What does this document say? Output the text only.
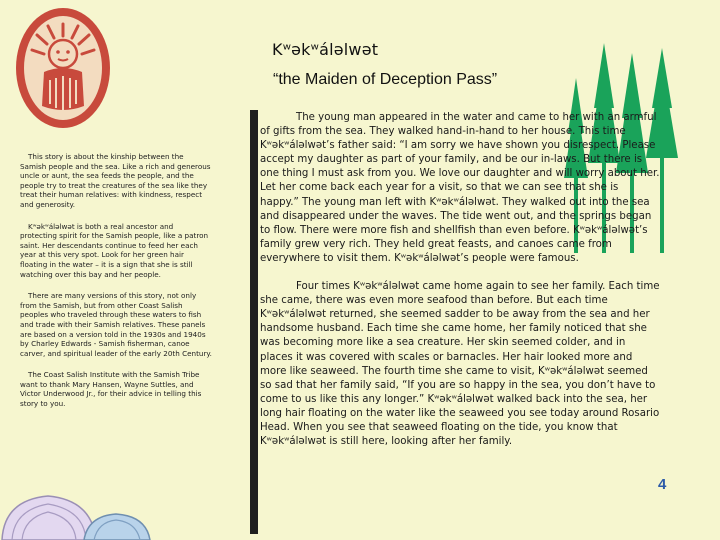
Kʷəkʷáləlwət
“the Maiden of Deception Pass”

This story is about the kinship between the Samish people and the sea. Like a rich and generous uncle or aunt, the sea feeds the people, and the people try to treat the creatures of the sea like they treat their human relatives: with kindness, respect and generosity.

Kʷəkʷáləlwət is both a real ancestor and protecting spirit for the Samish people, like a patron saint. Her descendants continue to feed her each year at this very spot. Look for her green hair floating in the water – it is a sign that she is still watching over this bay and her people.

There are many versions of this story, not only from the Samish, but from other Coast Salish peoples who traveled through these waters to fish and trade with their Samish relatives. These panels are based on a version told in the 1930s and 1940s by Charley Edwards - Samish fisherman, canoe carver, and spiritual leader of the early 20th Century.

The Coast Salish Institute with the Samish Tribe want to thank Mary Hansen, Wayne Suttles, and Victor Underwood Jr., for their advice in telling this story to you.

The young man appeared in the water and came to her with an armful of gifts from the sea. They walked hand-in-hand to her house. This time Kʷəkʷáləlwət’s father said: “I am sorry we have shown you disrespect. Please accept my daughter as part of your family, and be our in-laws. But there is one thing I must ask from you. We love our daughter and will worry about her. Let her come back each year for a visit, so that we can see that she is happy.” The young man left with Kʷəkʷáləlwət. They walked out into the sea and disappeared under the waves. The tide went out, and the springs began to flow. There were more fish and shellfish than even before. Kʷəkʷáləlwət’s family grew very rich. They held great feasts, and canoes came from everywhere to visit them. Kʷəkʷáləlwət’s people were famous.

Four times Kʷəkʷáləlwət came home again to see her family. Each time she came, there was even more seafood than before. But each time Kʷəkʷáləlwət returned, she seemed sadder to be away from the sea and her handsome husband. Each time she came home, her family noticed that she was becoming more like a sea creature. Her skin seemed colder, and in places it was covered with scales or barnacles. Her hair looked more and more like seaweed. The fourth time she came to visit, Kʷəkʷáləlwət seemed so sad that her family said, “If you are so happy in the sea, you don’t have to come to us like this any longer.” Kʷəkʷáləlwət walked back into the sea, her long hair floating on the water like the seaweed you see today around Rosario Head. When you see that seaweed floating on the tide, you know that Kʷəkʷáləlwət is still here, looking after her family.

4
